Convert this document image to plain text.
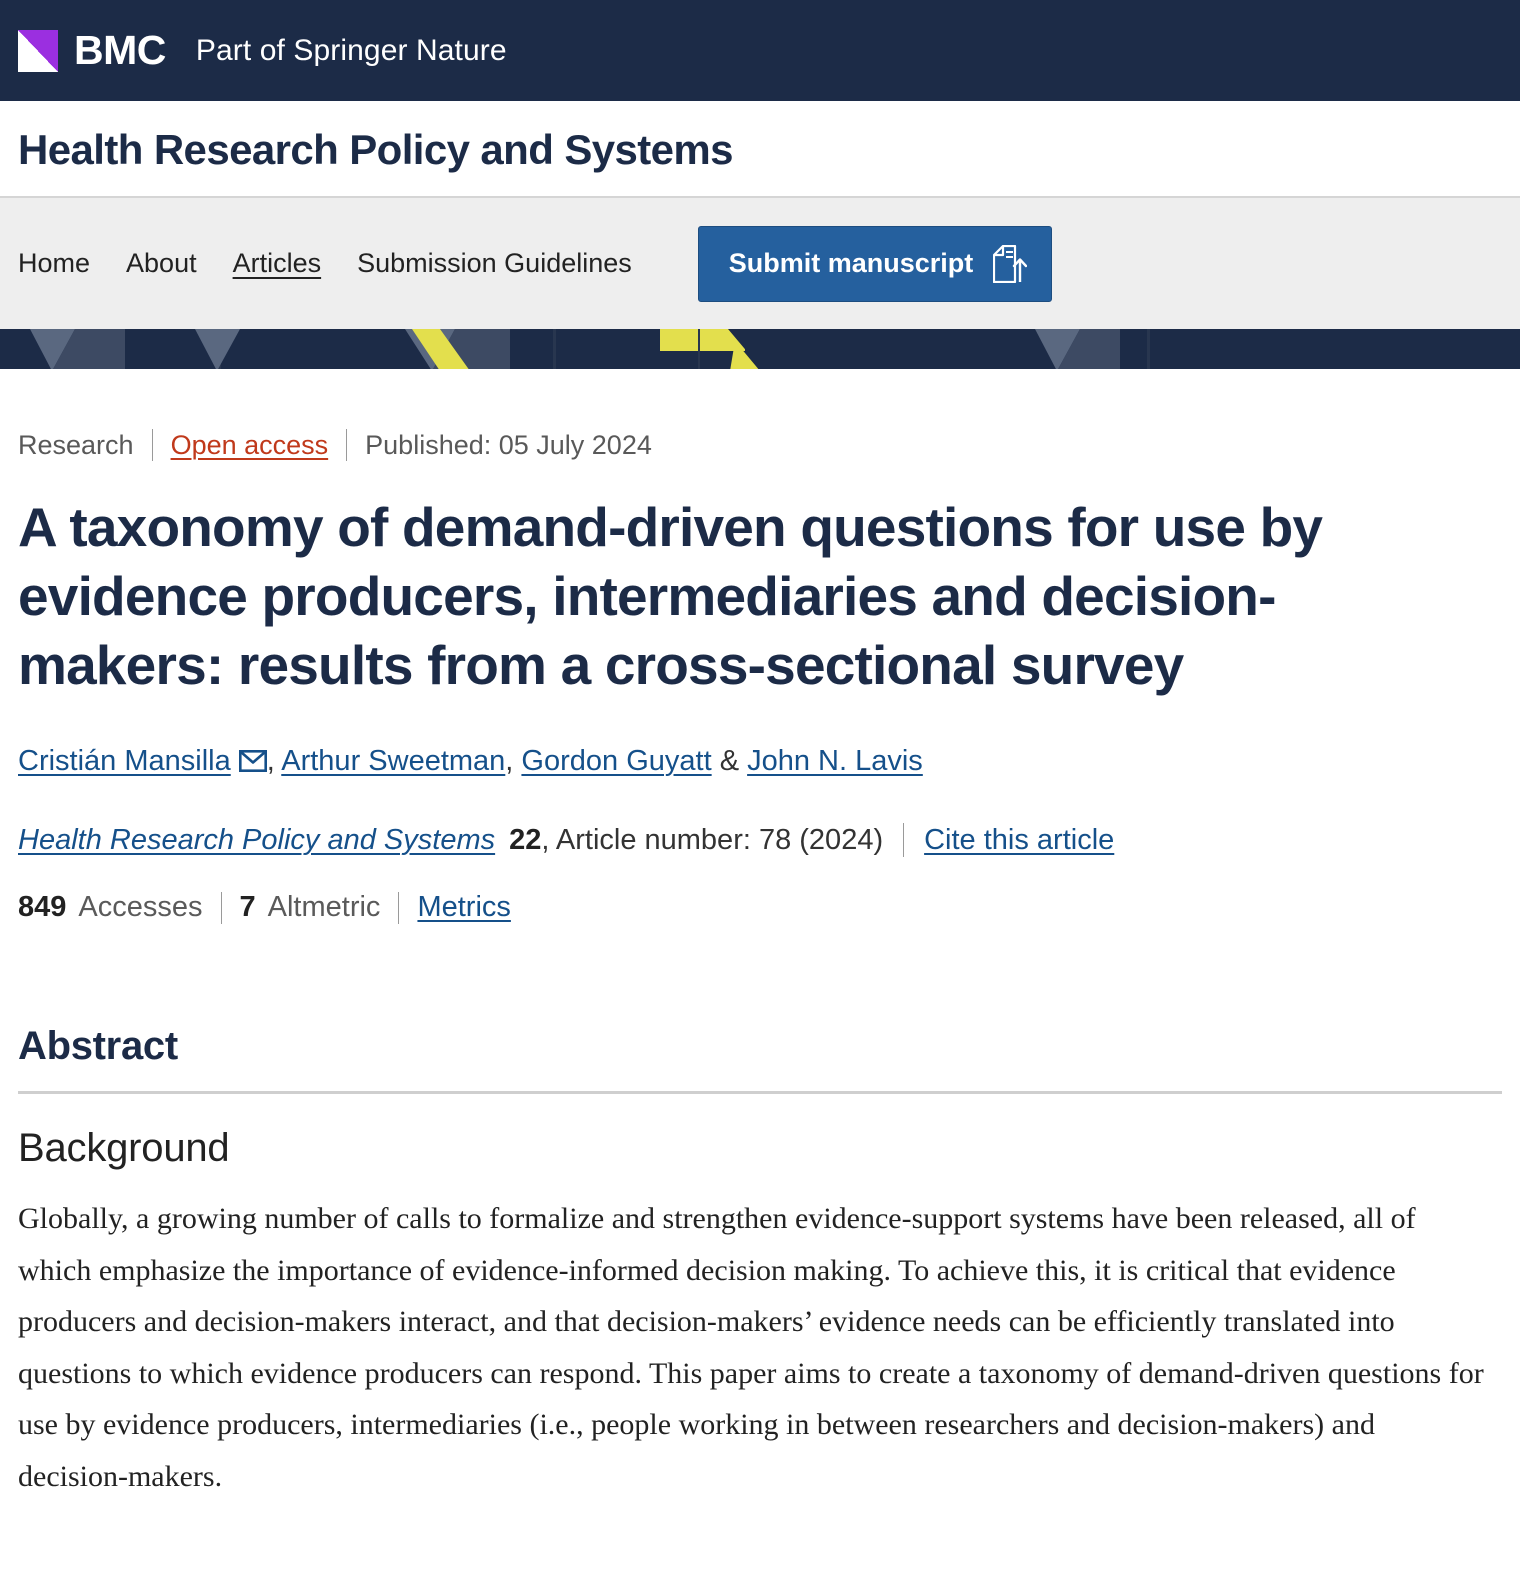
BMC Part of Springer Nature
Health Research Policy and Systems
Home About Articles Submission Guidelines	Submit manuscript
Research Open access Published: 05 July 2024
A taxonomy of demand-driven questions for use by evidence producers, intermediaries and decision-makers: results from a cross-sectional survey
Cristián Mansilla , Arthur Sweetman, Gordon Guyatt & John N. Lavis
Health Research Policy and Systems 22 , Article number: 78 (2024) Cite this article
849 Accesses 7 Altmetric Metrics
Abstract
Background

Globally, a growing number of calls to formalize and strengthen evidence-support systems have been released, all of which emphasize the importance of evidence-informed decision making. To achieve this, it is critical that evidence producers and decision-makers interact, and that decision-makers’ evidence needs can be efficiently translated into questions to which evidence producers can respond. This paper aims to create a taxonomy of demand-driven questions for use by evidence producers, intermediaries (i.e., people working in between researchers and decision-makers) and decision-makers.
